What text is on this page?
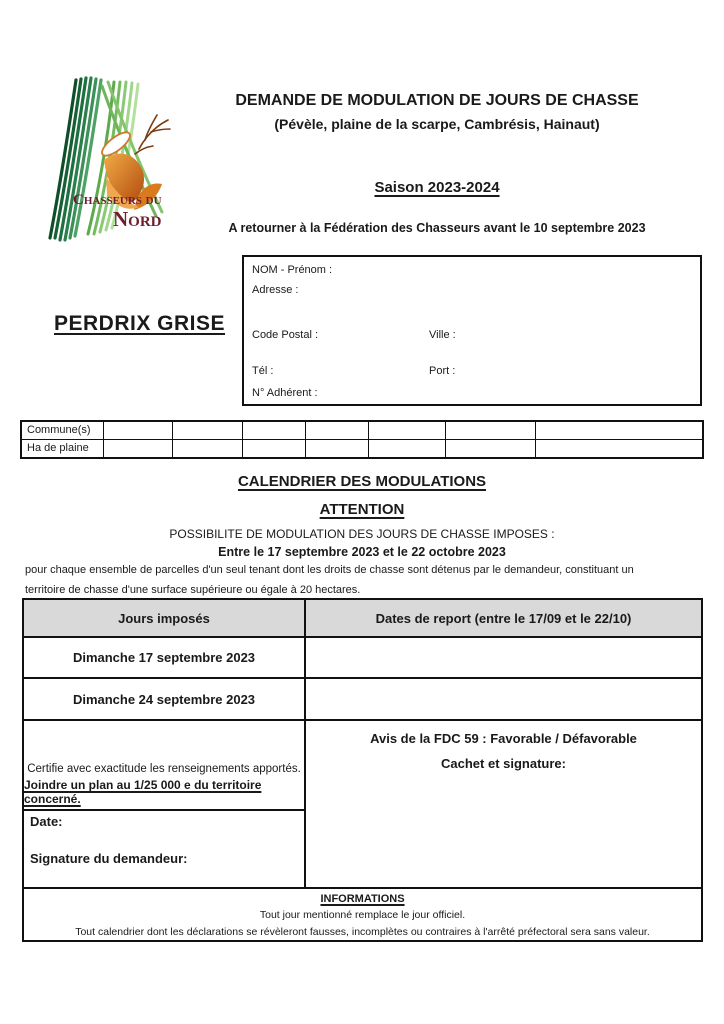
Chasseurs du
Nord
DEMANDE DE MODULATION DE JOURS DE CHASSE
(Pévèle, plaine de la scarpe, Cambrésis, Hainaut)
Saison 2023-2024
A retourner à la Fédération des Chasseurs avant le 10 septembre 2023
PERDRIX GRISE
NOM - Prénom :
Adresse :
Code Postal :	Ville :
Tél :	Port :
N° Adhérent :
Commune(s)
Ha de plaine
CALENDRIER DES MODULATIONS
ATTENTION
POSSIBILITE DE MODULATION DES JOURS DE CHASSE IMPOSES :
Entre le 17 septembre 2023 et le 22 octobre 2023
pour chaque ensemble de parcelles d'un seul tenant dont les droits de chasse sont détenus par le demandeur, constituant un
territoire de chasse d'une surface supérieure ou égale à 20 hectares.
Jours imposés	Dates de report (entre le 17/09 et le 22/10)
Dimanche 17 septembre 2023
Dimanche 24 septembre 2023
Certifie avec exactitude les renseignements apportés.
Joindre un plan au 1/25 000 e du territoire concerné.
Date:
Signature du demandeur:
Avis de la FDC 59 : Favorable / Défavorable
Cachet et signature:
INFORMATIONS
Tout jour mentionné remplace le jour officiel.
Tout calendrier dont les déclarations se révèleront fausses, incomplètes ou contraires à l'arrêté préfectoral sera sans valeur.
